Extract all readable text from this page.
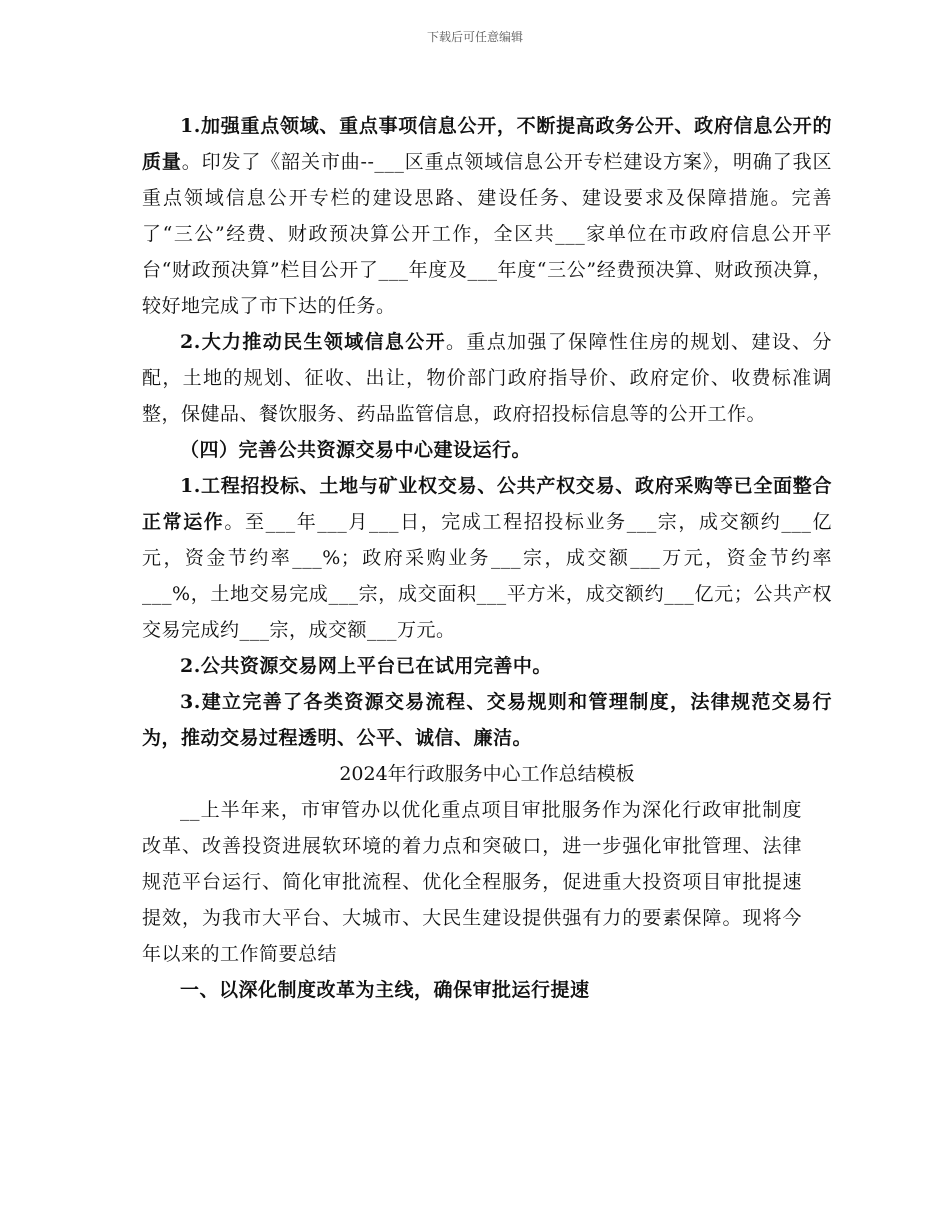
下载后可任意编辑

1.加强重点领域、重点事项信息公开，不断提高政务公开、政府信息公开的质量。印发了《韶关市曲--___区重点领域信息公开专栏建设方案》，明确了我区重点领域信息公开专栏的建设思路、建设任务、建设要求及保障措施。完善了“三公”经费、财政预决算公开工作，全区共___家单位在市政府信息公开平台“财政预决算”栏目公开了___年度及___年度“三公”经费预决算、财政预决算，较好地完成了市下达的任务。

2.大力推动民生领域信息公开。重点加强了保障性住房的规划、建设、分配，土地的规划、征收、出让，物价部门政府指导价、政府定价、收费标准调整，保健品、餐饮服务、药品监管信息，政府招投标信息等的公开工作。

（四）完善公共资源交易中心建设运行。

1.工程招投标、土地与矿业权交易、公共产权交易、政府采购等已全面整合正常运作。至___年___月___日，完成工程招投标业务___宗，成交额约___亿元，资金节约率___%；政府采购业务___宗，成交额___万元，资金节约率___%，土地交易完成___宗，成交面积___平方米，成交额约___亿元；公共产权交易完成约___宗，成交额___万元。

2.公共资源交易网上平台已在试用完善中。

3.建立完善了各类资源交易流程、交易规则和管理制度，法律规范交易行为，推动交易过程透明、公平、诚信、廉洁。

2024年行政服务中心工作总结模板

__上半年来，市审管办以优化重点项目审批服务作为深化行政审批制度改革、改善投资进展软环境的着力点和突破口，进一步强化审批管理、法律规范平台运行、简化审批流程、优化全程服务，促进重大投资项目审批提速提效，为我市大平台、大城市、大民生建设提供强有力的要素保障。现将今年以来的工作简要总结

一、以深化制度改革为主线，确保审批运行提速
